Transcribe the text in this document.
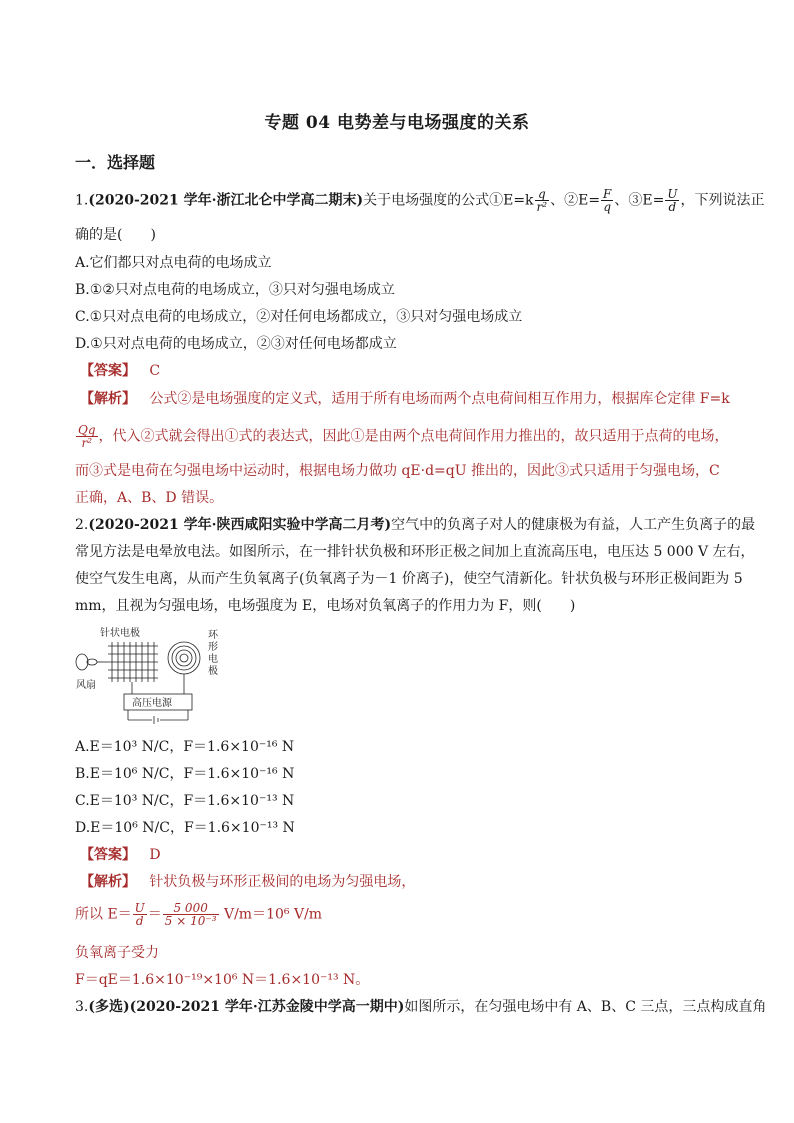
专题 04 电势差与电场强度的关系
一．选择题
1.(2020-2021 学年·浙江北仑中学高二期末)关于电场强度的公式①E=k $\frac{q}{\text{r²}}$ 、②E= $\frac{F}{q}$ 、③E= $\frac{U}{d}$ ，下列说法正
确的是(　　)
A.它们都只对点电荷的电场成立
B.①②只对点电荷的电场成立，③只对匀强电场成立
C.①只对点电荷的电场成立，②对任何电场都成立，③只对匀强电场成立
D.①只对点电荷的电场成立，②③对任何电场都成立
【答案】 C
【解析】 公式②是电场强度的定义式，适用于所有电场而两个点电荷间相互作用力，根据库仑定律 F=k
$\frac{Qq}{\text{r²}}$ ，代入②式就会得出①式的表达式，因此①是由两个点电荷间作用力推出的，故只适用于点荷的电场，
而③式是电荷在匀强电场中运动时，根据电场力做功 qE·d=qU 推出的，因此③式只适用于匀强电场，C
正确，A、B、D 错误。
2.(2020-2021 学年·陕西咸阳实验中学高二月考)空气中的负离子对人的健康极为有益，人工产生负离子的最
常见方法是电晕放电法。如图所示，在一排针状负极和环形正极之间加上直流高压电，电压达 5 000 V 左右，
使空气发生电离，从而产生负氧离子(负氧离子为－1 价离子)，使空气清新化。针状负极与环形正极间距为 5
mm，且视为匀强电场，电场强度为 E，电场对负氧离子的作用力为 F，则(　　)
针状电极
风扇
环
形
电
极
高压电源
A.E＝10³ N/C，F＝1.6×10⁻¹⁶ N
B.E＝10⁶ N/C，F＝1.6×10⁻¹⁶ N
C.E＝10³ N/C，F＝1.6×10⁻¹³ N
D.E＝10⁶ N/C，F＝1.6×10⁻¹³ N
【答案】 D
【解析】 针状负极与环形正极间的电场为匀强电场，
所以 $E= \frac{U}{d} = \frac{5 000}{\text{5 × 10⁻³}} V/m=10^6$ V/m
负氧离子受力
F＝qE＝1.6×10⁻¹⁹×10⁶ N＝1.6×10⁻¹³ N。
3.(多选)(2020-2021 学年·江苏金陵中学高一期中)如图所示，在匀强电场中有 A、B、C 三点，三点构成直角
